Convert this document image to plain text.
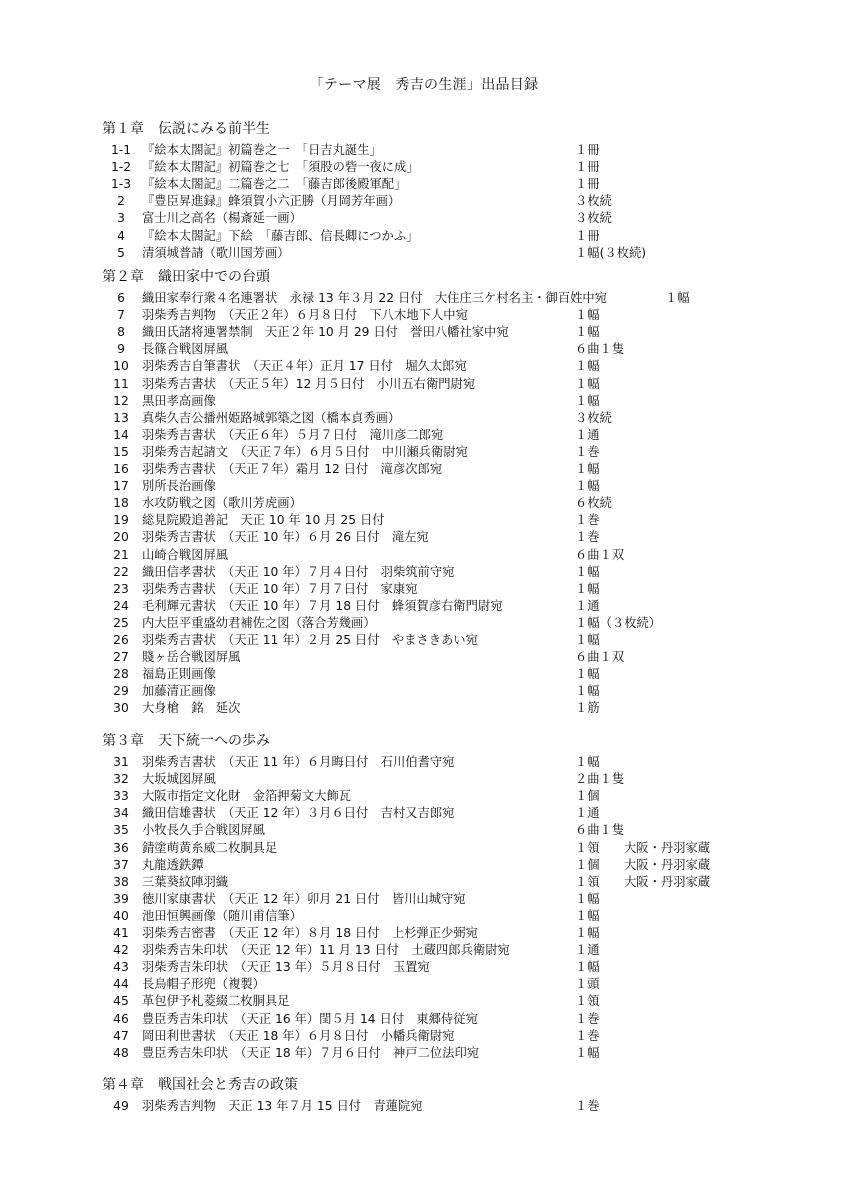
「テーマ展　秀吉の生涯」出品目録
第１章　伝説にみる前半生
1-1 『絵本太閤記』初篇巻之一　「日吉丸誕生」	１冊
1-2 『絵本太閤記』初篇巻之七　「須股の砦一夜に成」	１冊
1-3 『絵本太閤記』二篇巻之二　「藤吉郎後殿軍配」	１冊
2	『豊臣昇進録』蜂須賀小六正勝（月岡芳年画）	３枚続
3	富士川之高名（楊斎延一画）	３枚続
4	『絵本太閤記』下絵　「藤吉郎、信長卿につかふ」	１冊
5	清須城普請（歌川国芳画）	１幅(３枚続)
第２章　織田家中での台頭
6	織田家奉行衆４名連署状　永禄 13 年３月 22 日付　大住庄三ケ村名主・御百姓中宛	１幅
7	羽柴秀吉判物　（天正２年）６月８日付　下八木地下人中宛	１幅
8	織田氏諸将連署禁制　天正２年 10 月 29 日付　誉田八幡社家中宛	１幅
9	長篠合戦図屏風	６曲１隻
10	羽柴秀吉自筆書状　（天正４年）正月 17 日付　堀久太郎宛	１幅
11	羽柴秀吉書状　（天正５年）12 月５日付　小川五右衛門尉宛	１幅
12	黒田孝高画像	１幅
13	真柴久吉公播州姫路城郭築之図（橋本貞秀画）	３枚続
14	羽柴秀吉書状　（天正６年）５月７日付　滝川彦二郎宛	１通
15	羽柴秀吉起請文　（天正７年）６月５日付　中川瀬兵衛尉宛	１巻
16	羽柴秀吉書状　（天正７年）霜月 12 日付　滝彦次郎宛	１幅
17	別所長治画像	１幅
18	水攻防戦之図（歌川芳虎画）	６枚続
19	総見院殿追善記　天正 10 年 10 月 25 日付	１巻
20	羽柴秀吉書状　（天正 10 年）６月 26 日付　滝左宛	１巻
21	山崎合戦図屏風	６曲１双
22	織田信孝書状　（天正 10 年）７月４日付　羽柴筑前守宛	１幅
23	羽柴秀吉書状　（天正 10 年）７月７日付　家康宛	１幅
24	毛利輝元書状　（天正 10 年）７月 18 日付　蜂須賀彦右衛門尉宛	１通
25	内大臣平重盛幼君補佐之図（落合芳幾画）	１幅（３枚続）
26	羽柴秀吉書状　（天正 11 年）２月 25 日付　やまさきあい宛	１幅
27	賤ヶ岳合戦図屏風	６曲１双
28	福島正則画像	１幅
29	加藤清正画像	１幅
30	大身槍　銘　延次	１筋
第３章　天下統一への歩み
31	羽柴秀吉書状　（天正 11 年）６月晦日付　石川伯耆守宛	１幅
32	大坂城図屏風	２曲１隻
33	大阪市指定文化財　金箔押菊文大飾瓦	１個
34	織田信雄書状　（天正 12 年）３月６日付　吉村又吉郎宛	１通
35	小牧長久手合戦図屏風	６曲１隻
36	錆塗萌黄糸威二枚胴具足	１領 大阪・丹羽家蔵
37	丸龍透鉄鐔	１個 大阪・丹羽家蔵
38	三葉葵紋陣羽織	１領 大阪・丹羽家蔵
39	徳川家康書状　（天正 12 年）卯月 21 日付　皆川山城守宛	１幅
40	池田恒興画像（随川甫信筆）	１幅
41	羽柴秀吉密書　（天正 12 年）８月 18 日付　上杉弾正少弼宛	１幅
42	羽柴秀吉朱印状　（天正 12 年）11 月 13 日付　土蔵四郎兵衛尉宛	１通
43	羽柴秀吉朱印状　（天正 13 年）５月８日付　玉置宛	１幅
44	長烏帽子形兜（複製）	１頭
45	革包伊予札菱綴二枚胴具足	１領
46	豊臣秀吉朱印状　（天正 16 年）閏５月 14 日付　東郷侍従宛	１巻
47	岡田利世書状　（天正 18 年）６月８日付　小幡兵衛尉宛	１巻
48	豊臣秀吉朱印状　（天正 18 年）７月６日付　神戸二位法印宛	１幅
第４章　戦国社会と秀吉の政策
49	羽柴秀吉判物　天正 13 年７月 15 日付　青蓮院宛	１巻
